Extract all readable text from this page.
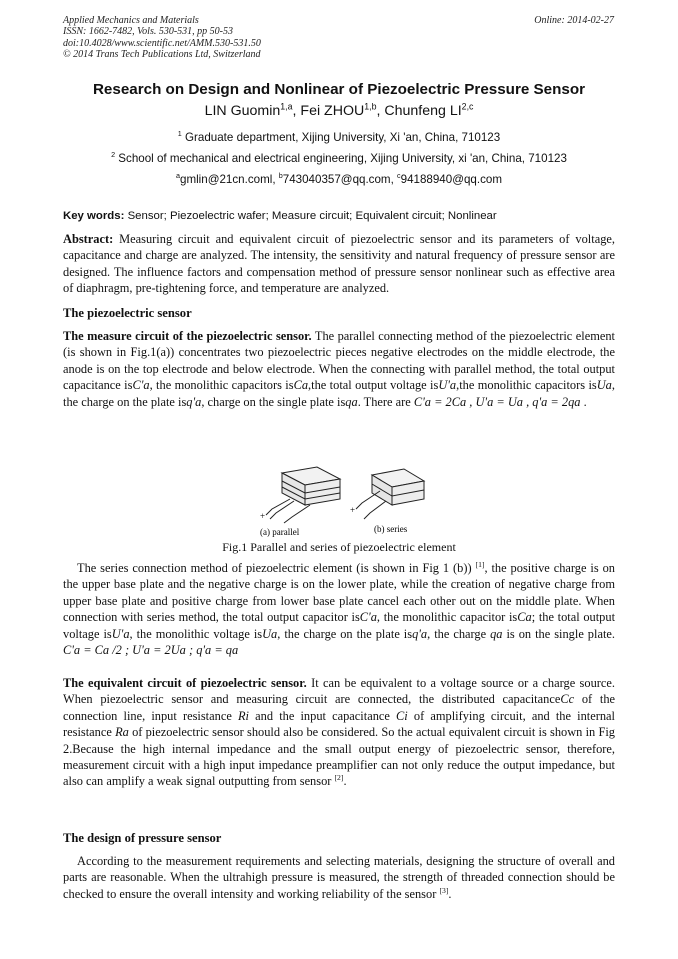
Applied Mechanics and Materials
ISSN: 1662-7482, Vols. 530-531, pp 50-53
doi:10.4028/www.scientific.net/AMM.530-531.50
© 2014 Trans Tech Publications Ltd, Switzerland
Online: 2014-02-27
Research on Design and Nonlinear of Piezoelectric Pressure Sensor
LIN Guomin$^{1,a}$, Fei ZHOU$^{1,b}$, Chunfeng LI$^{2,c}$
$^1$ Graduate department, Xijing University, Xi 'an, China, 710123
$^2$ School of mechanical and electrical engineering, Xijing University, xi 'an, China, 710123
$^a$gmlin@21cn.coml, $^b$743040357@qq.com, $^c$94188940@qq.com
Key words: Sensor; Piezoelectric wafer; Measure circuit; Equivalent circuit; Nonlinear
Abstract: Measuring circuit and equivalent circuit of piezoelectric sensor and its parameters of voltage, capacitance and charge are analyzed. The intensity, the sensitivity and natural frequency of pressure sensor are designed. The influence factors and compensation method of pressure sensor nonlinear such as effective area of diaphragm, pre-tightening force, and temperature are analyzed.
The piezoelectric sensor
The measure circuit of the piezoelectric sensor. The parallel connecting method of the piezoelectric element (is shown in Fig.1(a)) concentrates two piezoelectric pieces negative electrodes on the middle electrode, the anode is on the top electrode and below electrode. When the connecting with parallel method, the total output capacitance isC'a, the monolithic capacitors isCa,the total output voltage isU'a,the monolithic capacitors isUa, the charge on the plate isq'a, charge on the single plate isqa. There are C'a = 2Ca , U'a = Ua , q'a = 2qa .
+
+
(a) parallel	(b) series
Fig.1 Parallel and series of piezoelectric element
The series connection method of piezoelectric element (is shown in Fig 1 (b)) [1], the positive charge is on the upper base plate and the negative charge is on the lower plate, while the creation of negative charge from upper base plate and positive charge from lower base plate cancel each other out on the middle plate. When connection with series method, the total output capacitor isC'a, the monolithic capacitor isCa; the total output voltage isU'a, the monolithic voltage isUa, the charge on the plate isq'a, the charge qa is on the single plate. C'a = Ca /2 ; U'a = 2Ua ; q'a = qa
The equivalent circuit of piezoelectric sensor. It can be equivalent to a voltage source or a charge source. When piezoelectric sensor and measuring circuit are connected, the distributed capacitanceCc of the connection line, input resistance Ri and the input capacitance Ci of amplifying circuit, and the internal resistance Ra of piezoelectric sensor should also be considered. So the actual equivalent circuit is shown in Fig 2.Because the high internal impedance and the small output energy of piezoelectric sensor, therefore, measurement circuit with a high input impedance preamplifier can not only reduce the output impedance, but also can amplify a weak signal outputting from sensor [2].
The design of pressure sensor
According to the measurement requirements and selecting materials, designing the structure of overall and parts are reasonable. When the ultrahigh pressure is measured, the strength of threaded connection should be checked to ensure the overall intensity and working reliability of the sensor [3].
